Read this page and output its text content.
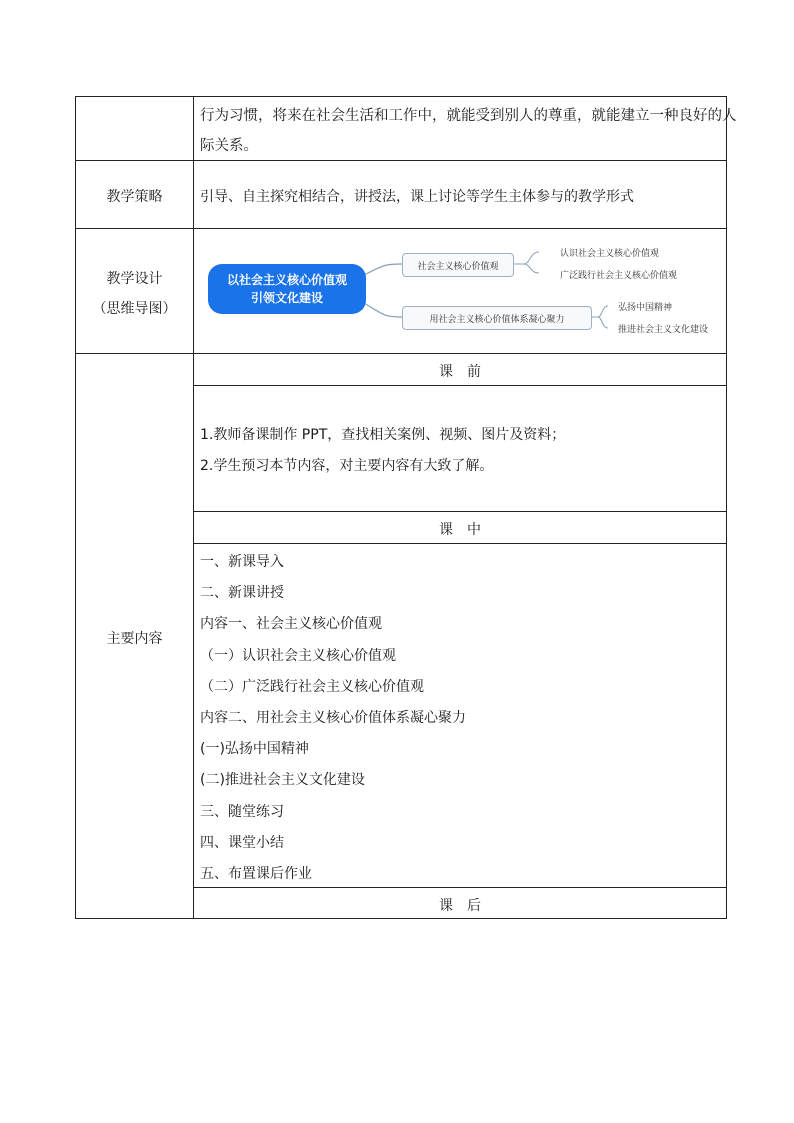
行为习惯，将来在社会生活和工作中，就能受到别人的尊重，就能建立一种良好的人
际关系。
教学策略	引导、自主探究相结合，讲授法，课上讨论等学生主体参与的教学形式
教学设计
（思维导图）
以社会主义核心价值观
引领文化建设
社会主义核心价值观
认识社会主义核心价值观
广泛践行社会主义核心价值观
用社会主义核心价值体系凝心聚力
弘扬中国精神
推进社会主义文化建设
主要内容
课　前
1.教师备课制作 PPT，查找相关案例、视频、图片及资料；
2.学生预习本节内容，对主要内容有大致了解。
课　中
一、新课导入
二、新课讲授
内容一、社会主义核心价值观
（一）认识社会主义核心价值观
（二）广泛践行社会主义核心价值观
内容二、用社会主义核心价值体系凝心聚力
(一)弘扬中国精神
(二)推进社会主义文化建设
三、随堂练习
四、课堂小结
五、布置课后作业
课　后
